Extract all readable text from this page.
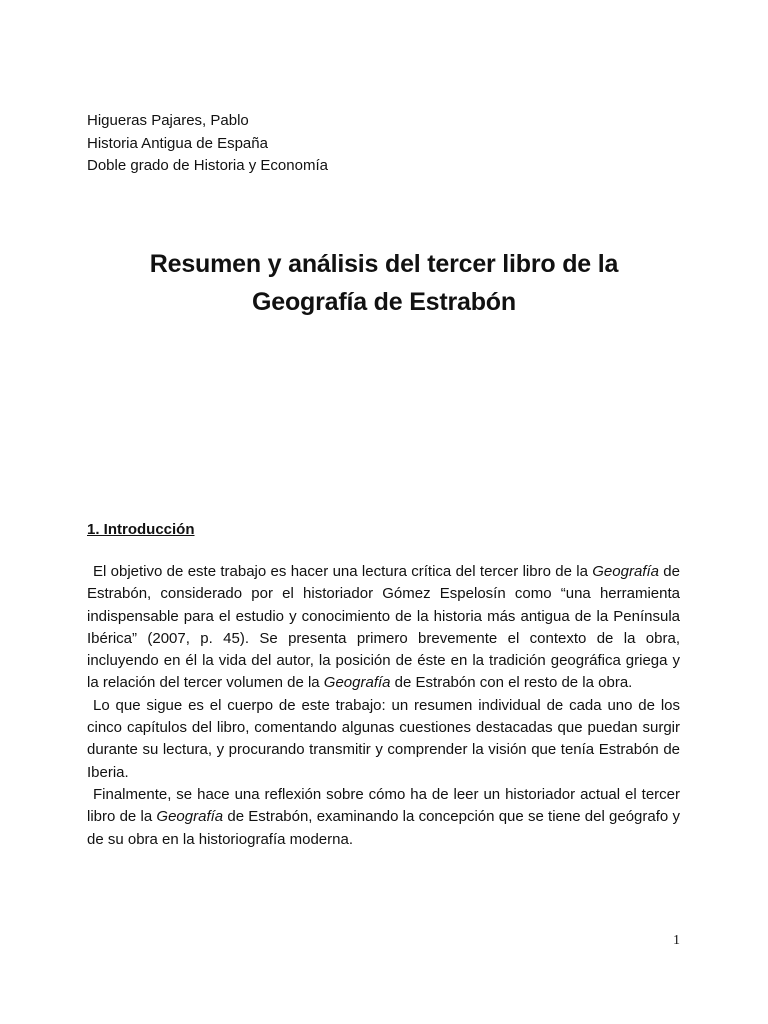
Higueras Pajares, Pablo
Historia Antigua de España
Doble grado de Historia y Economía
Resumen y análisis del tercer libro de la
Geografía de Estrabón
1. Introducción

El objetivo de este trabajo es hacer una lectura crítica del tercer libro de la Geografía de Estrabón, considerado por el historiador Gómez Espelosín como “una herramienta indispensable para el estudio y conocimiento de la historia más antigua de la Península Ibérica” (2007, p. 45). Se presenta primero brevemente el contexto de la obra, incluyendo en él la vida del autor, la posición de éste en la tradición geográfica griega y la relación del tercer volumen de la Geografía de Estrabón con el resto de la obra.

Lo que sigue es el cuerpo de este trabajo: un resumen individual de cada uno de los cinco capítulos del libro, comentando algunas cuestiones destacadas que puedan surgir durante su lectura, y procurando transmitir y comprender la visión que tenía Estrabón de Iberia.

Finalmente, se hace una reflexión sobre cómo ha de leer un historiador actual el tercer libro de la Geografía de Estrabón, examinando la concepción que se tiene del geógrafo y de su obra en la historiografía moderna.

1
